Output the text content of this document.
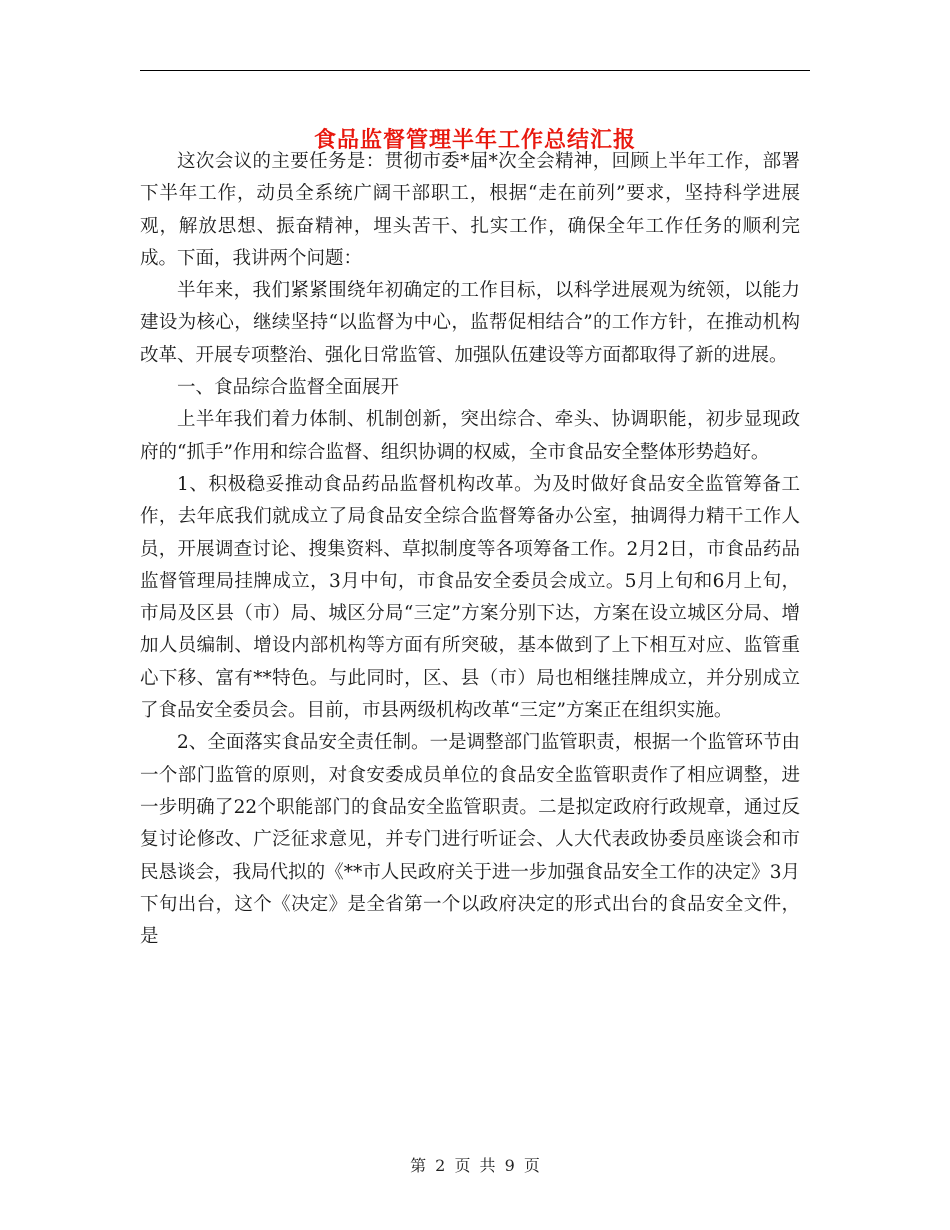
食品监督管理半年工作总结汇报

这次会议的主要任务是：贯彻市委*届*次全会精神，回顾上半年工作，部署下半年工作，动员全系统广阔干部职工，根据“走在前列”要求，坚持科学进展观，解放思想、振奋精神，埋头苦干、扎实工作，确保全年工作任务的顺利完成。下面，我讲两个问题：

半年来，我们紧紧围绕年初确定的工作目标，以科学进展观为统领，以能力建设为核心，继续坚持“以监督为中心，监帮促相结合”的工作方针，在推动机构改革、开展专项整治、强化日常监管、加强队伍建设等方面都取得了新的进展。

一、食品综合监督全面展开

上半年我们着力体制、机制创新，突出综合、牵头、协调职能，初步显现政府的“抓手”作用和综合监督、组织协调的权威，全市食品安全整体形势趋好。

1、积极稳妥推动食品药品监督机构改革。为及时做好食品安全监管筹备工作，去年底我们就成立了局食品安全综合监督筹备办公室，抽调得力精干工作人员，开展调查讨论、搜集资料、草拟制度等各项筹备工作。2月2日，市食品药品监督管理局挂牌成立，3月中旬，市食品安全委员会成立。5月上旬和6月上旬，市局及区县（市）局、城区分局“三定”方案分别下达，方案在设立城区分局、增加人员编制、增设内部机构等方面有所突破，基本做到了上下相互对应、监管重心下移、富有**特色。与此同时，区、县（市）局也相继挂牌成立，并分别成立了食品安全委员会。目前，市县两级机构改革“三定”方案正在组织实施。

2、全面落实食品安全责任制。一是调整部门监管职责，根据一个监管环节由一个部门监管的原则，对食安委成员单位的食品安全监管职责作了相应调整，进一步明确了22个职能部门的食品安全监管职责。二是拟定政府行政规章，通过反复讨论修改、广泛征求意见，并专门进行听证会、人大代表政协委员座谈会和市民恳谈会，我局代拟的《**市人民政府关于进一步加强食品安全工作的决定》3月下旬出台，这个《决定》是全省第一个以政府决定的形式出台的食品安全文件，是

第 2 页 共 9 页
